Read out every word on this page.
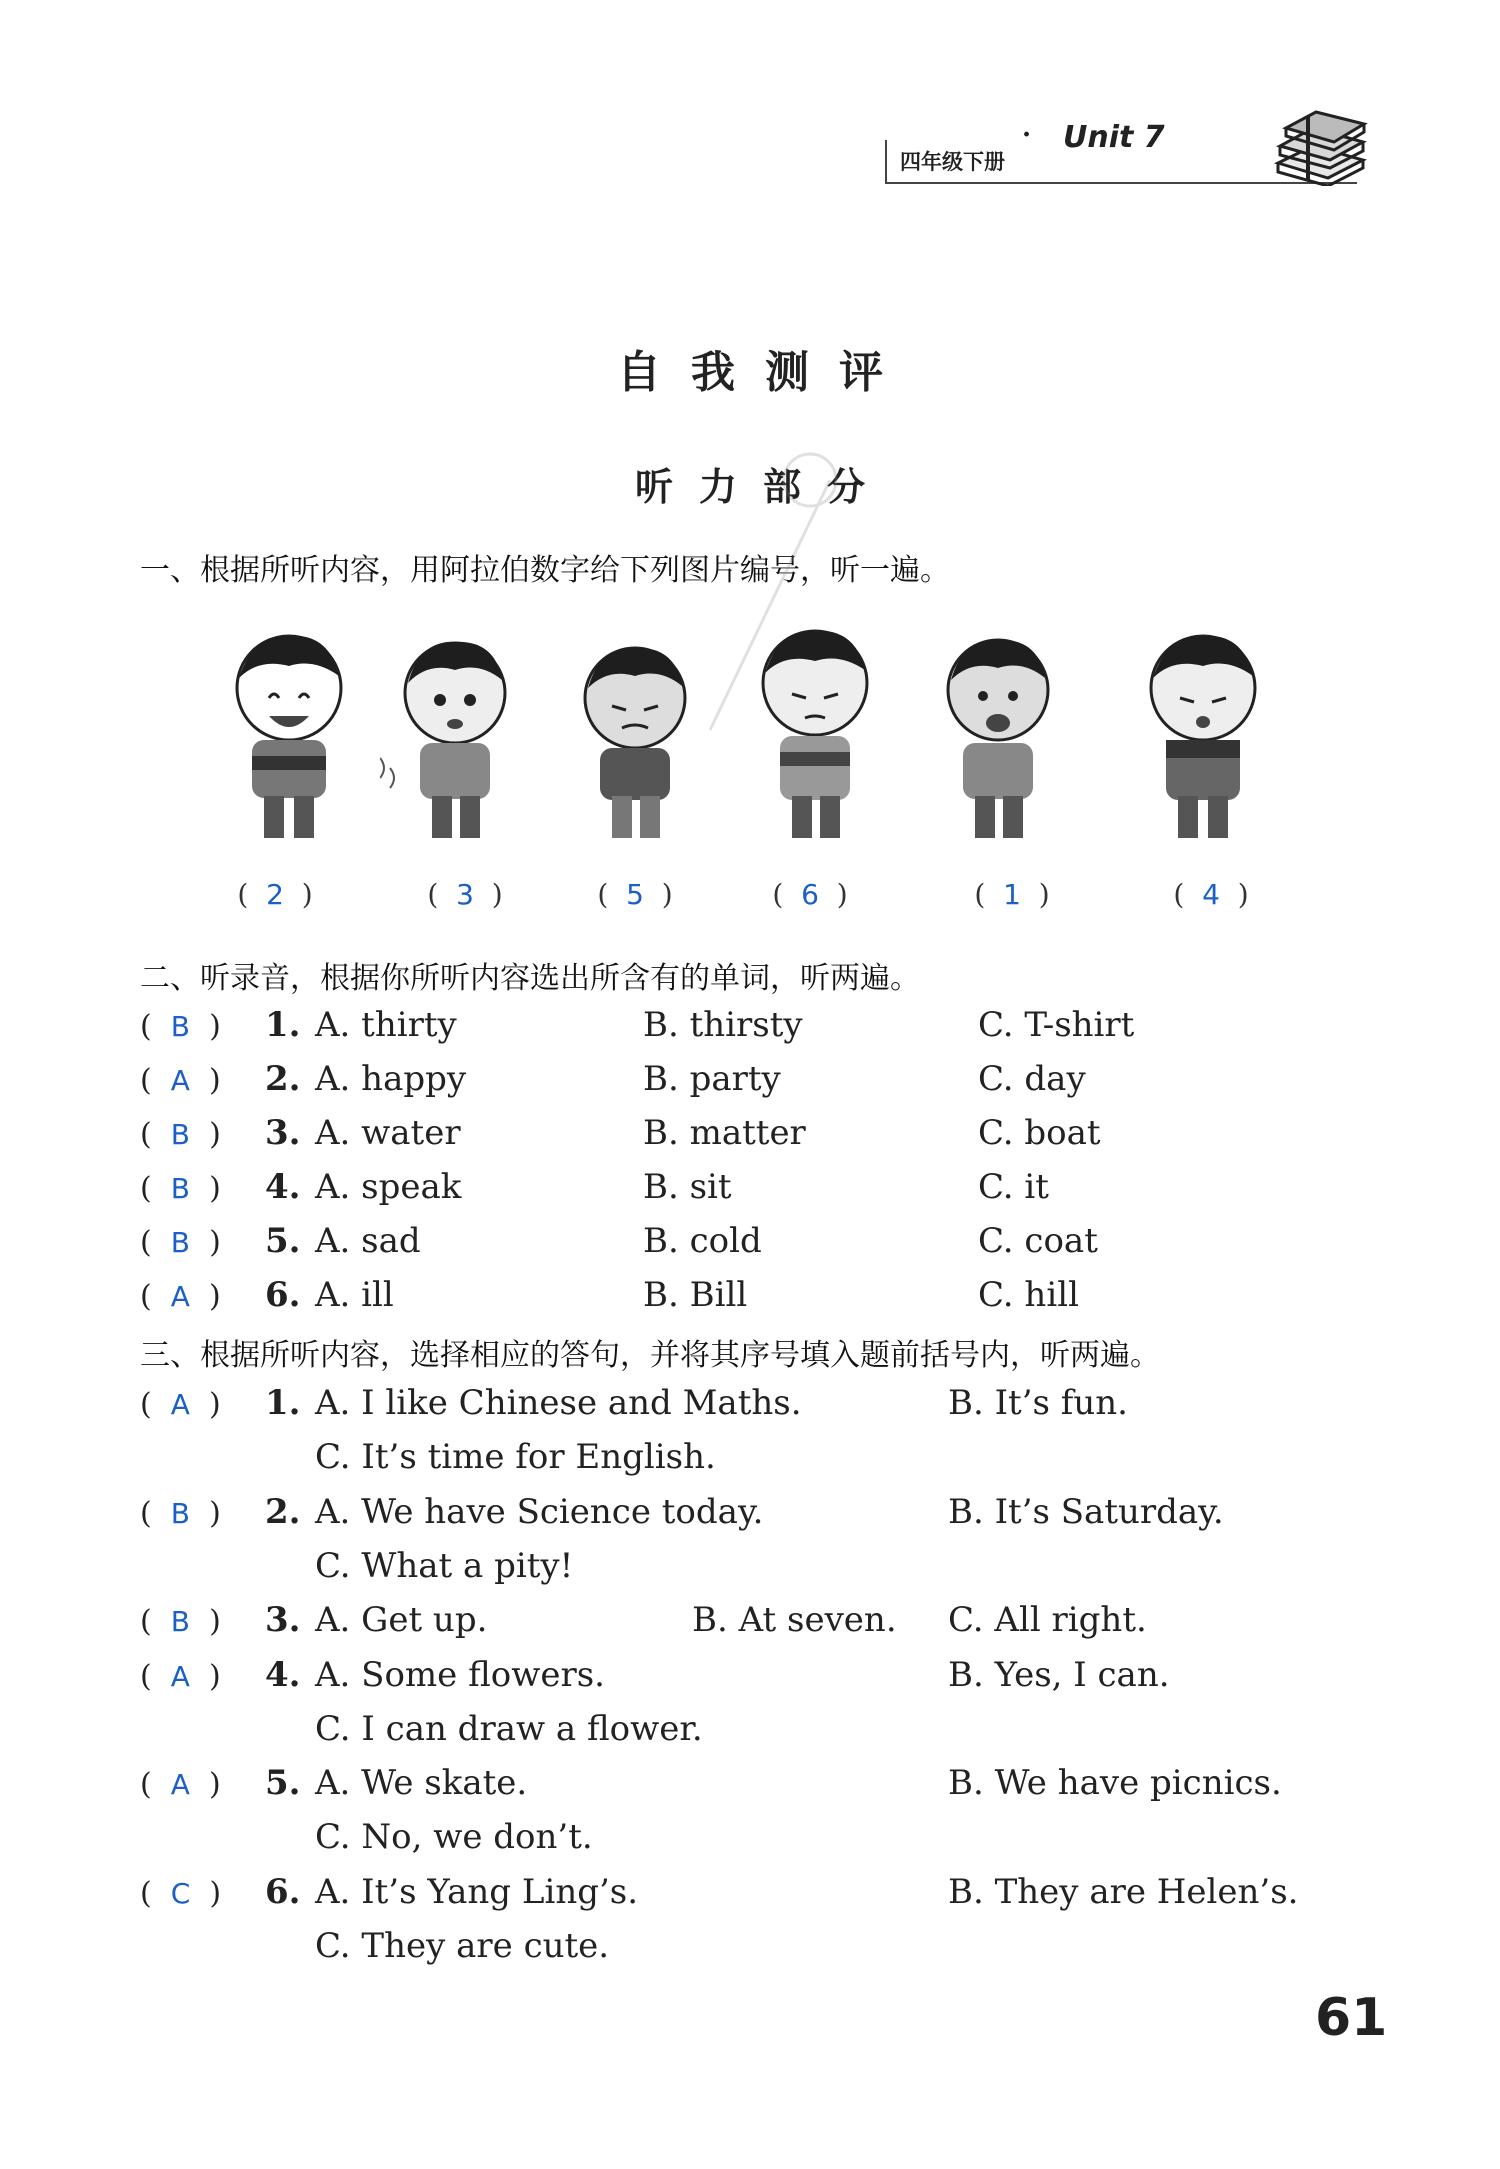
四年级下册
· Unit 7
自我测评
听力部分
一、根据所听内容，用阿拉伯数字给下列图片编号，听一遍。
(  2  )	(  3  )	(  5  )	(  6  )	(  1  )	(  4  )
二、听录音，根据你所听内容选出所含有的单词，听两遍。
(  B  ) 1. A. thirty	B. thirsty	C. T-shirt
(  A  ) 2. A. happy	B. party	C. day
(  B  ) 3. A. water	B. matter	C. boat
(  B  ) 4. A. speak	B. sit	C. it
(  B  ) 5. A. sad	B. cold	C. coat
(  A  ) 6. A. ill	B. Bill	C. hill
三、根据所听内容，选择相应的答句，并将其序号填入题前括号内，听两遍。
(  A  ) 1. A. I like Chinese and Maths.	B. It’s fun.
C. It’s time for English.
(  B  ) 2. A. We have Science today.	B. It’s Saturday.
C. What a pity!
(  B  ) 3. A. Get up.	B. At seven. C. All right.
(  A  ) 4. A. Some flowers.	B. Yes, I can.
C. I can draw a flower.
(  A  ) 5. A. We skate.	B. We have picnics.
C. No, we don’t.
(  C  ) 6. A. It’s Yang Ling’s.	B. They are Helen’s.
C. They are cute.
61
